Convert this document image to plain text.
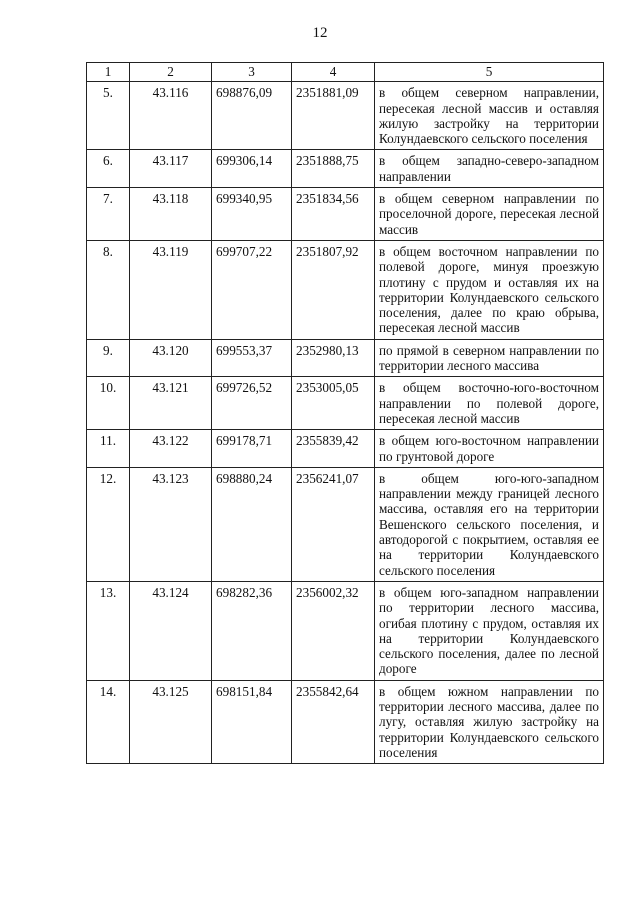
12
1	2	3	4	5
5.	43.116	698876,09	2351881,09	в общем северном направлении, пересекая лесной массив и оставляя жилую застройку на территории Колундаевского сельского поселения
6.	43.117	699306,14	2351888,75	в общем западно-северо-западном направлении
7.	43.118	699340,95	2351834,56	в общем северном направлении по проселочной дороге, пересекая лесной массив
8.	43.119	699707,22	2351807,92	в общем восточном направлении по полевой дороге, минуя проезжую плотину с прудом и оставляя их на территории Колундаевского сельского поселения, далее по краю обрыва, пересекая лесной массив
9.	43.120	699553,37	2352980,13	по прямой в северном направлении по территории лесного массива
10.	43.121	699726,52	2353005,05	в общем восточно-юго-восточном направлении по полевой дороге, пересекая лесной массив
11.	43.122	699178,71	2355839,42	в общем юго-восточном направлении по грунтовой дороге
12.	43.123	698880,24	2356241,07	в общем юго-юго-западном направлении между границей лесного массива, оставляя его на территории Вешенского сельского поселения, и автодорогой с покрытием, оставляя ее на территории Колундаевского сельского поселения
13.	43.124	698282,36	2356002,32	в общем юго-западном направлении по территории лесного массива, огибая плотину с прудом, оставляя их на территории Колундаевского сельского поселения, далее по лесной дороге
14.	43.125	698151,84	2355842,64	в общем южном направлении по территории лесного массива, далее по лугу, оставляя жилую застройку на территории Колундаевского сельского поселения
